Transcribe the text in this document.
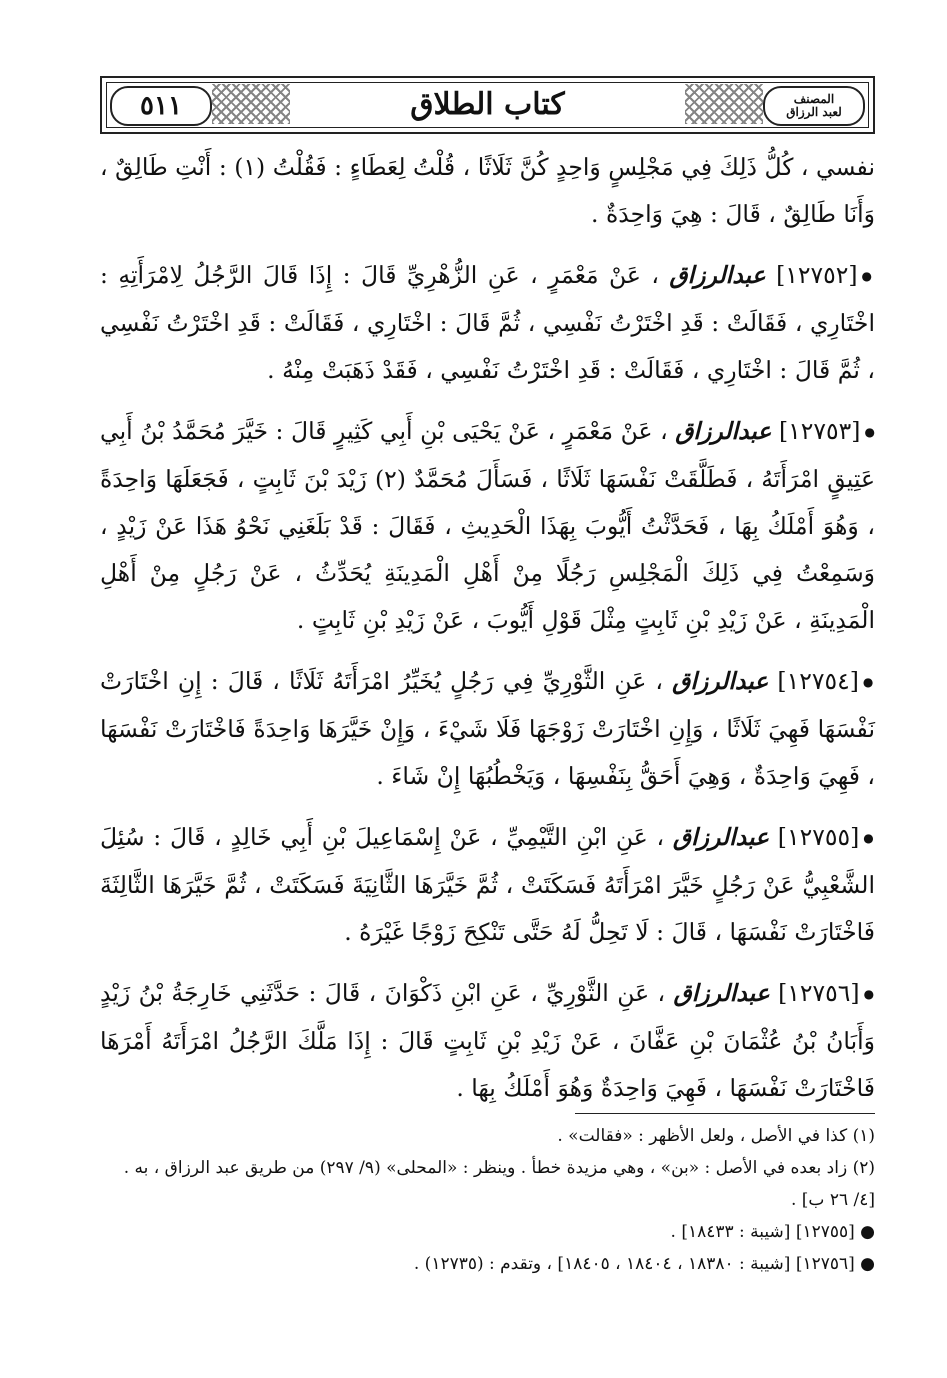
٥١١	كتاب الطلاق	المصنف
لعبد الرزاق

نفسي ، كُلُّ ذَلِكَ فِي مَجْلِسٍ وَاحِدٍ كُنَّ ثَلَاثًا ، قُلْتُ لِعَطَاءٍ : فَقُلْتُ (١) : أَنْتِ طَالِقٌ ، وَأَنَا طَالِقٌ ، قَالَ : هِيَ وَاحِدَةٌ .

●[١٢٧٥٢] عبدالرزاق ، عَنْ مَعْمَرٍ ، عَنِ الزُّهْرِيِّ قَالَ : إِذَا قَالَ الرَّجُلُ لِامْرَأَتِهِ : اخْتَارِي ، فَقَالَتْ : قَدِ اخْتَرْتُ نَفْسِي ، ثُمَّ قَالَ : اخْتَارِي ، فَقَالَتْ : قَدِ اخْتَرْتُ نَفْسِي ، ثُمَّ قَالَ : اخْتَارِي ، فَقَالَتْ : قَدِ اخْتَرْتُ نَفْسِي ، فَقَدْ ذَهَبَتْ مِنْهُ .

●[١٢٧٥٣] عبدالرزاق ، عَنْ مَعْمَرٍ ، عَنْ يَحْيَى بْنِ أَبِي كَثِيرٍ قَالَ : خَيَّرَ مُحَمَّدُ بْنُ أَبِي عَتِيقٍ امْرَأَتَهُ ، فَطَلَّقَتْ نَفْسَهَا ثَلَاثًا ، فَسَأَلَ مُحَمَّدٌ (٢) زَيْدَ بْنَ ثَابِتٍ ، فَجَعَلَهَا وَاحِدَةً ، وَهُوَ أَمْلَكُ بِهَا ، فَحَدَّثْتُ أَيُّوبَ بِهَذَا الْحَدِيثِ ، فَقَالَ : قَدْ بَلَغَنِي نَحْوُ هَذَا عَنْ زَيْدٍ ، وَسَمِعْتُ فِي ذَلِكَ الْمَجْلِسِ رَجُلًا مِنْ أَهْلِ الْمَدِينَةِ يُحَدِّثُ ، عَنْ رَجُلٍ مِنْ أَهْلِ الْمَدِينَةِ ، عَنْ زَيْدِ بْنِ ثَابِتٍ مِثْلَ قَوْلِ أَيُّوبَ ، عَنْ زَيْدِ بْنِ ثَابِتٍ .

●[١٢٧٥٤] عبدالرزاق ، عَنِ الثَّوْرِيِّ فِي رَجُلٍ يُخَيِّرُ امْرَأَتَهُ ثَلَاثًا ، قَالَ : إِنِ اخْتَارَتْ نَفْسَهَا فَهِيَ ثَلَاثًا ، وَإِنِ اخْتَارَتْ زَوْجَهَا فَلَا شَيْءَ ، وَإِنْ خَيَّرَهَا وَاحِدَةً فَاخْتَارَتْ نَفْسَهَا ، فَهِيَ وَاحِدَةٌ ، وَهِيَ أَحَقُّ بِنَفْسِهَا ، وَيَخْطُبُهَا إِنْ شَاءَ .

●[١٢٧٥٥] عبدالرزاق ، عَنِ ابْنِ التَّيْمِيِّ ، عَنْ إِسْمَاعِيلَ بْنِ أَبِي خَالِدٍ ، قَالَ : سُئِلَ الشَّعْبِيُّ عَنْ رَجُلٍ خَيَّرَ امْرَأَتَهُ فَسَكَتَتْ ، ثُمَّ خَيَّرَهَا الثَّانِيَةَ فَسَكَتَتْ ، ثُمَّ خَيَّرَهَا الثَّالِثَةَ فَاخْتَارَتْ نَفْسَهَا ، قَالَ : لَا تَحِلُّ لَهُ حَتَّى تَنْكِحَ زَوْجًا غَيْرَهُ .

●[١٢٧٥٦] عبدالرزاق ، عَنِ الثَّوْرِيِّ ، عَنِ ابْنِ ذَكْوَانَ ، قَالَ : حَدَّثَنِي خَارِجَةُ بْنُ زَيْدٍ وَأَبَانُ بْنُ عُثْمَانَ بْنِ عَفَّانَ ، عَنْ زَيْدِ بْنِ ثَابِتٍ قَالَ : إِذَا مَلَّكَ الرَّجُلُ امْرَأَتَهُ أَمْرَهَا فَاخْتَارَتْ نَفْسَهَا ، فَهِيَ وَاحِدَةٌ وَهُوَ أَمْلَكُ بِهَا .

(١) كذا في الأصل ، ولعل الأظهر : «فقالت» .
(٢) زاد بعده في الأصل : «بن» ، وهي مزيدة خطأ . وينظر : «المحلى» (٩/ ٢٩٧) من طريق عبد الرزاق ، به .
[٤/ ٢٦ ب] .
● [١٢٧٥٥] [شيبة : ١٨٤٣٣] .
● [١٢٧٥٦] [شيبة : ١٨٣٨٠ ، ١٨٤٠٤ ، ١٨٤٠٥] ، وتقدم : (١٢٧٣٥) .
